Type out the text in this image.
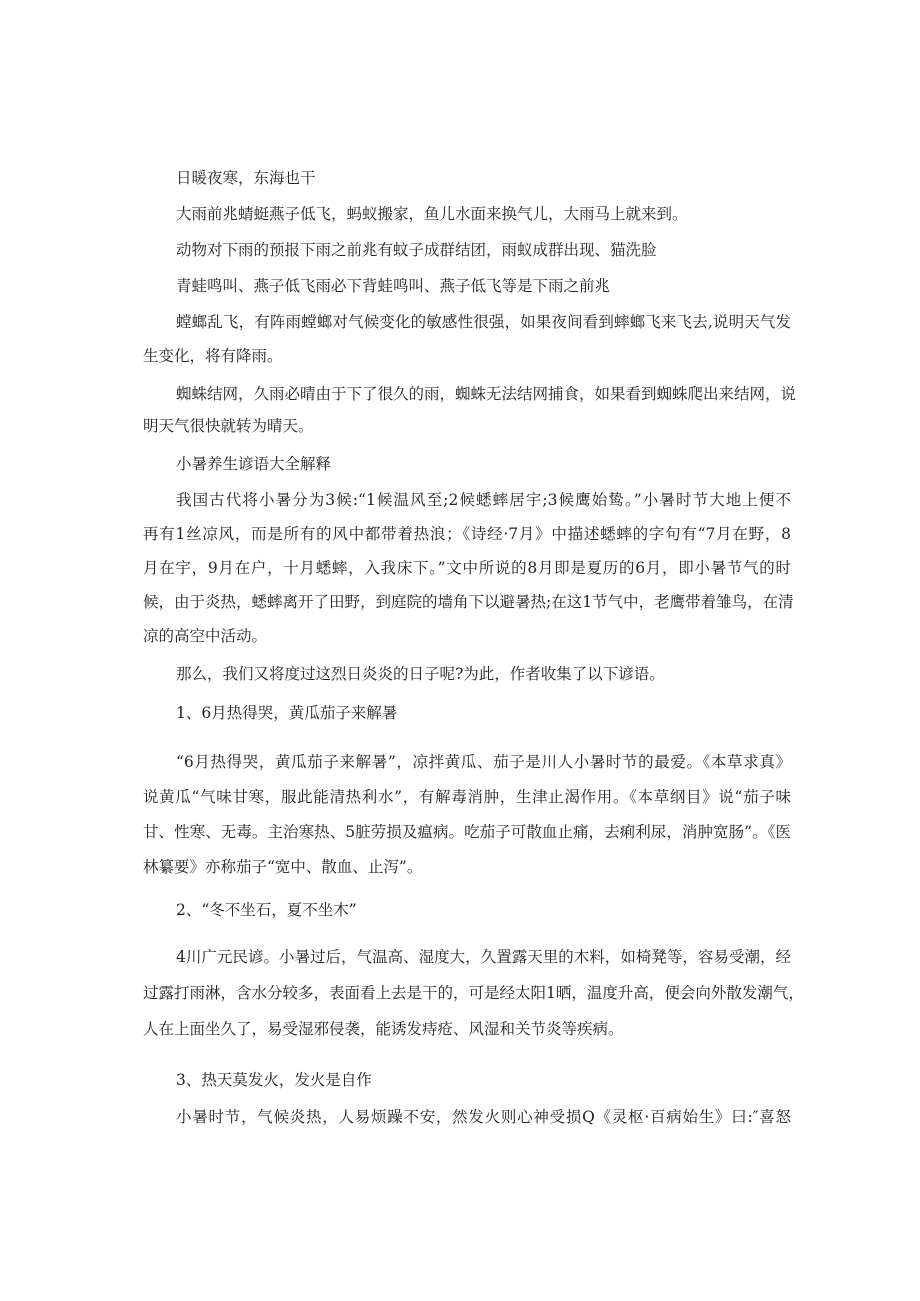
日暖夜寒，东海也干
大雨前兆蜻蜓燕子低飞，蚂蚁搬家，鱼儿水面来换气儿，大雨马上就来到。
动物对下雨的预报下雨之前兆有蚊子成群结团，雨蚁成群出现、猫洗脸
青蛙鸣叫、燕子低飞雨必下背蛙鸣叫、燕子低飞等是下雨之前兆
螳螂乱飞，有阵雨螳螂对气候变化的敏感性很强，如果夜间看到蟀螂飞来飞去,说明天气发
生变化，将有降雨。
蜘蛛结网，久雨必晴由于下了很久的雨，蜘蛛无法结网捕食，如果看到蜘蛛爬出来结网，说
明天气很快就转为晴天。
小暑养生谚语大全解释
我国古代将小暑分为3候:“1候温风至;2候蟋蟀居宇;3候鹰始鸷。”小暑时节大地上便不
再有1丝凉风，而是所有的风中都带着热浪；《诗经·7月》中描述蟋蟀的字句有“7月在野，8
月在宇，9月在户，十月蟋蟀，入我床下。”文中所说的8月即是夏历的6月，即小暑节气的时
候，由于炎热，蟋蟀离开了田野，到庭院的墙角下以避暑热;在这1节气中，老鹰带着雏鸟，在清
凉的高空中活动。
那么，我们又将度过这烈日炎炎的日子呢?为此，作者收集了以下谚语。
1、6月热得哭，黄瓜茄子来解暑
“6月热得哭，黄瓜茄子来解暑”，凉拌黄瓜、茄子是川人小暑时节的最爱。《本草求真》
说黄瓜“气味甘寒，服此能清热利水”，有解毒消肿，生津止渴作用。《本草纲目》说“茄子味
甘、性寒、无毒。主治寒热、5脏劳损及瘟病。吃茄子可散血止痛，去痢利尿，消肿宽肠”。《医
林纂要》亦称茄子“宽中、散血、止泻”。
2、“冬不坐石，夏不坐木”
4川广元民谚。小暑过后，气温高、湿度大，久置露天里的木料，如椅凳等，容易受潮，经
过露打雨淋，含水分较多，表面看上去是干的，可是经太阳1晒，温度升高，便会向外散发潮气，
人在上面坐久了，易受湿邪侵袭，能诱发痔疮、风湿和关节炎等疾病。
3、热天莫发火，发火是自作
小暑时节，气候炎热，人易烦躁不安，然发火则心神受损Q《灵枢·百病始生》曰:″喜怒
